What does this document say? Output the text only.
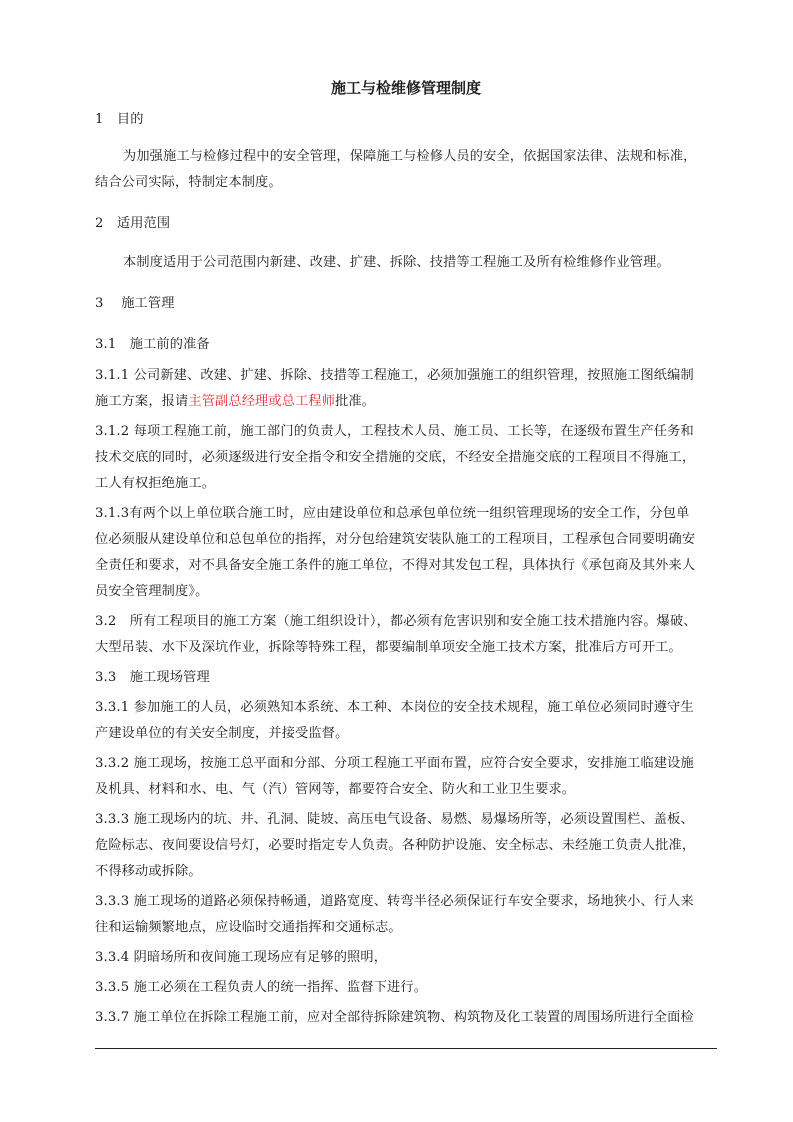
施工与检维修管理制度
1　目的
为加强施工与检修过程中的安全管理，保障施工与检修人员的安全，依据国家法律、法规和标准，
结合公司实际，特制定本制度。
2　适用范围
本制度适用于公司范围内新建、改建、扩建、拆除、技措等工程施工及所有检维修作业管理。
3　 施工管理
3.1　施工前的准备
3.1.1 公司新建、改建、扩建、拆除、技措等工程施工，必须加强施工的组织管理，按照施工图纸编制
施工方案，报请主管副总经理或总工程师批准。
3.1.2 每项工程施工前，施工部门的负责人，工程技术人员、施工员、工长等，在逐级布置生产任务和
技术交底的同时，必须逐级进行安全指令和安全措施的交底，不经安全措施交底的工程项目不得施工，
工人有权拒绝施工。
3.1.3有两个以上单位联合施工时，应由建设单位和总承包单位统一组织管理现场的安全工作，分包单
位必须服从建设单位和总包单位的指挥，对分包给建筑安装队施工的工程项目，工程承包合同要明确安
全责任和要求，对不具备安全施工条件的施工单位，不得对其发包工程，具体执行《承包商及其外来人
员安全管理制度》。
3.2　所有工程项目的施工方案（施工组织设计），都必须有危害识别和安全施工技术措施内容。爆破、
大型吊装、水下及深坑作业，拆除等特殊工程，都要编制单项安全施工技术方案，批准后方可开工。
3.3　施工现场管理
3.3.1 参加施工的人员，必须熟知本系统、本工种、本岗位的安全技术规程，施工单位必须同时遵守生
产建设单位的有关安全制度，并接受监督。
3.3.2 施工现场，按施工总平面和分部、分项工程施工平面布置，应符合安全要求，安排施工临建设施
及机具、材料和水、电、气（汽）管网等，都要符合安全、防火和工业卫生要求。
3.3.3 施工现场内的坑、井、孔洞、陡坡、高压电气设备、易燃、易爆场所等，必须设置围栏、盖板、
危险标志、夜间要设信号灯，必要时指定专人负责。各种防护设施、安全标志、未经施工负责人批准，
不得移动或拆除。
3.3.3 施工现场的道路必须保持畅通，道路宽度、转弯半径必须保证行车安全要求，场地狭小、行人来
往和运输频繁地点，应设临时交通指挥和交通标志。
3.3.4 阴暗场所和夜间施工现场应有足够的照明，
3.3.5 施工必须在工程负责人的统一指挥、监督下进行。
3.3.7 施工单位在拆除工程施工前，应对全部待拆除建筑物、构筑物及化工装置的周围场所进行全面检
